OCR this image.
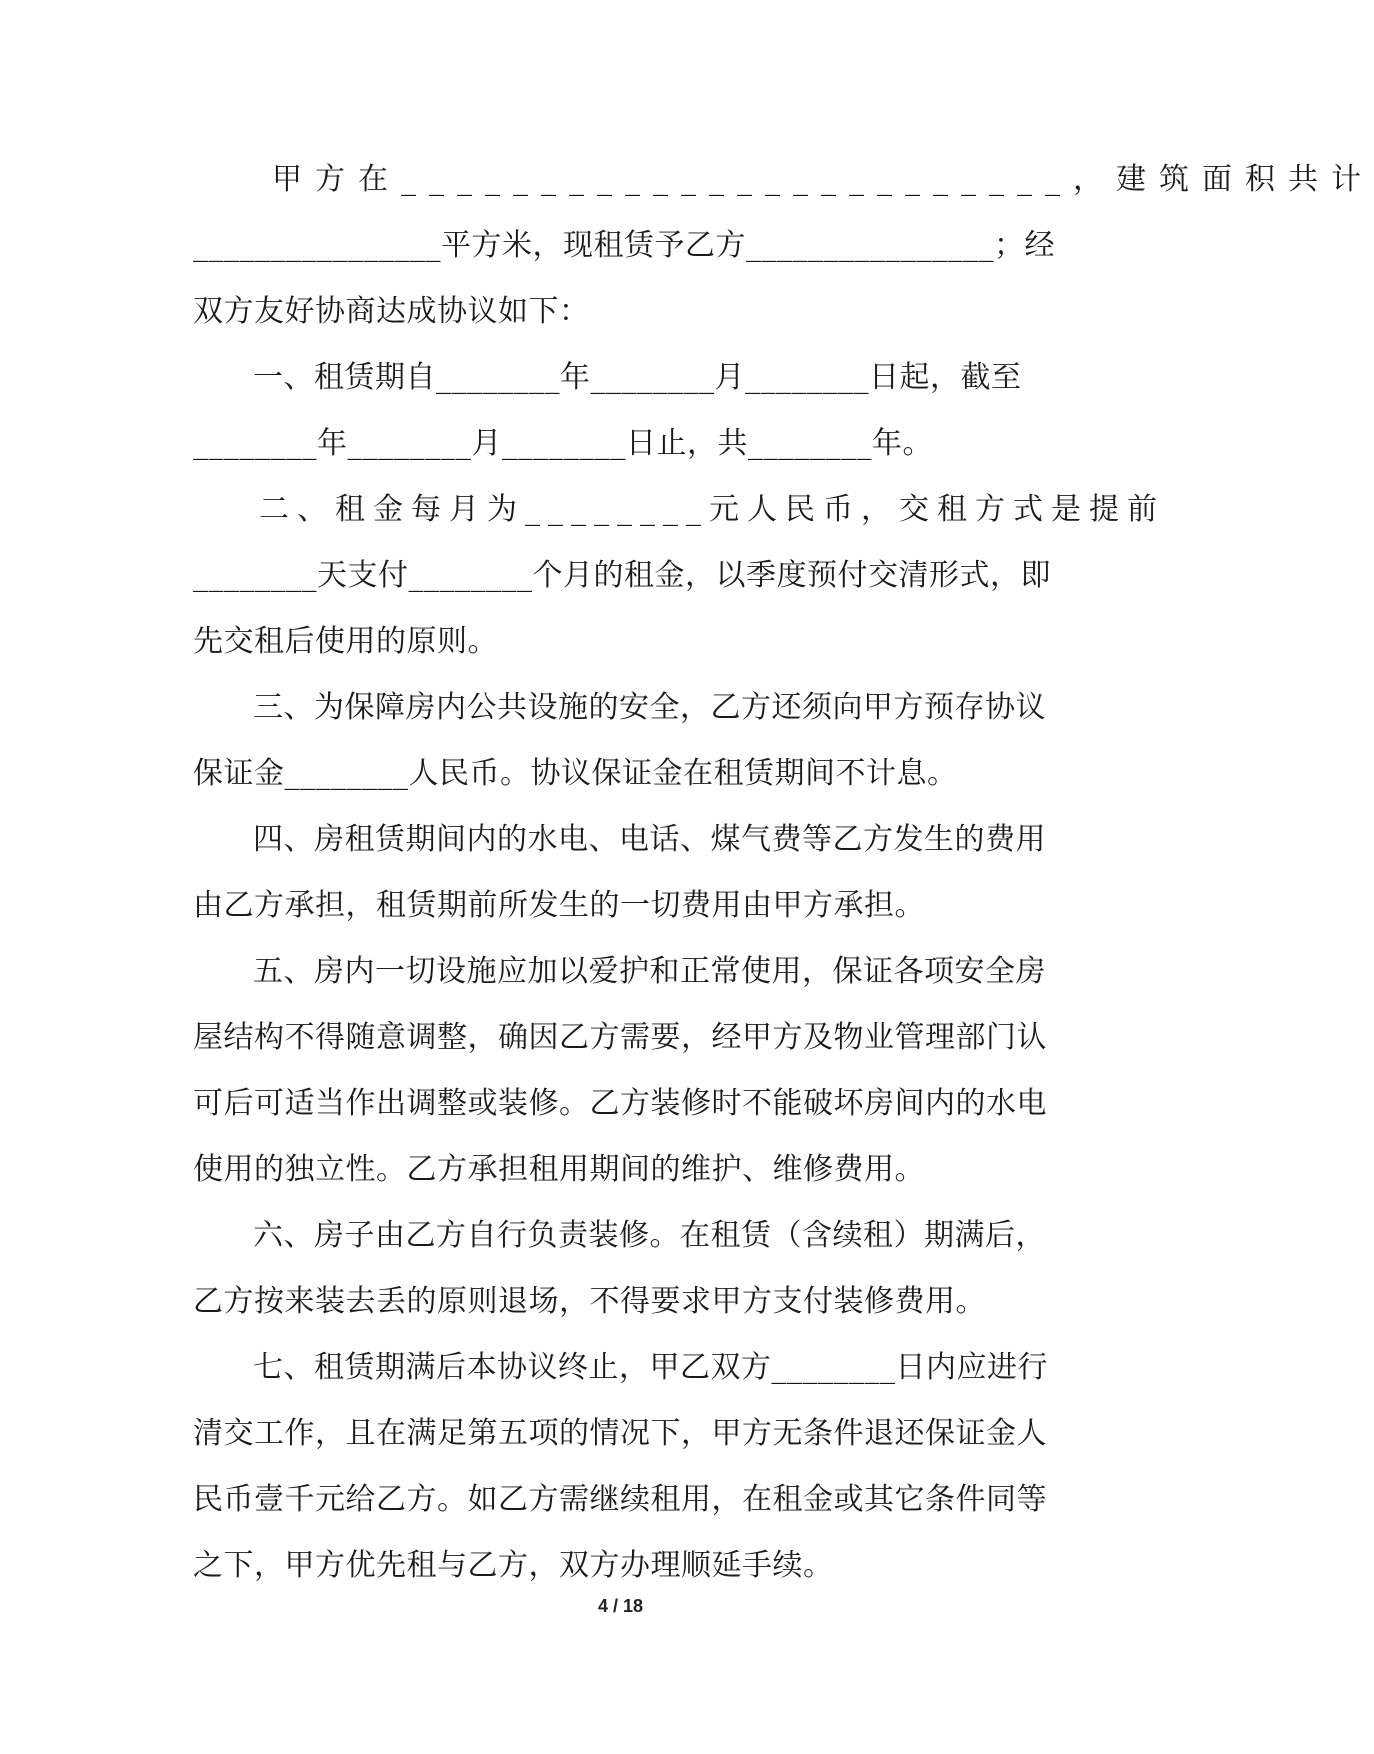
甲方在________________________，建筑面积共计
________________平方米，现租赁予乙方________________；经
双方友好协商达成协议如下：
一、租赁期自________年________月________日起，截至
________年________月________日止，共________年。
二、租金每月为________元人民币，交租方式是提前
________天支付________个月的租金，以季度预付交清形式，即
先交租后使用的原则。
三、为保障房内公共设施的安全，乙方还须向甲方预存协议
保证金________人民币。协议保证金在租赁期间不计息。
四、房租赁期间内的水电、电话、煤气费等乙方发生的费用
由乙方承担，租赁期前所发生的一切费用由甲方承担。
五、房内一切设施应加以爱护和正常使用，保证各项安全房
屋结构不得随意调整，确因乙方需要，经甲方及物业管理部门认
可后可适当作出调整或装修。乙方装修时不能破坏房间内的水电
使用的独立性。乙方承担租用期间的维护、维修费用。
六、房子由乙方自行负责装修。在租赁（含续租）期满后，
乙方按来装去丢的原则退场，不得要求甲方支付装修费用。
七、租赁期满后本协议终止，甲乙双方________日内应进行
清交工作，且在满足第五项的情况下，甲方无条件退还保证金人
民币壹千元给乙方。如乙方需继续租用，在租金或其它条件同等
之下，甲方优先租与乙方，双方办理顺延手续。
4 / 18
